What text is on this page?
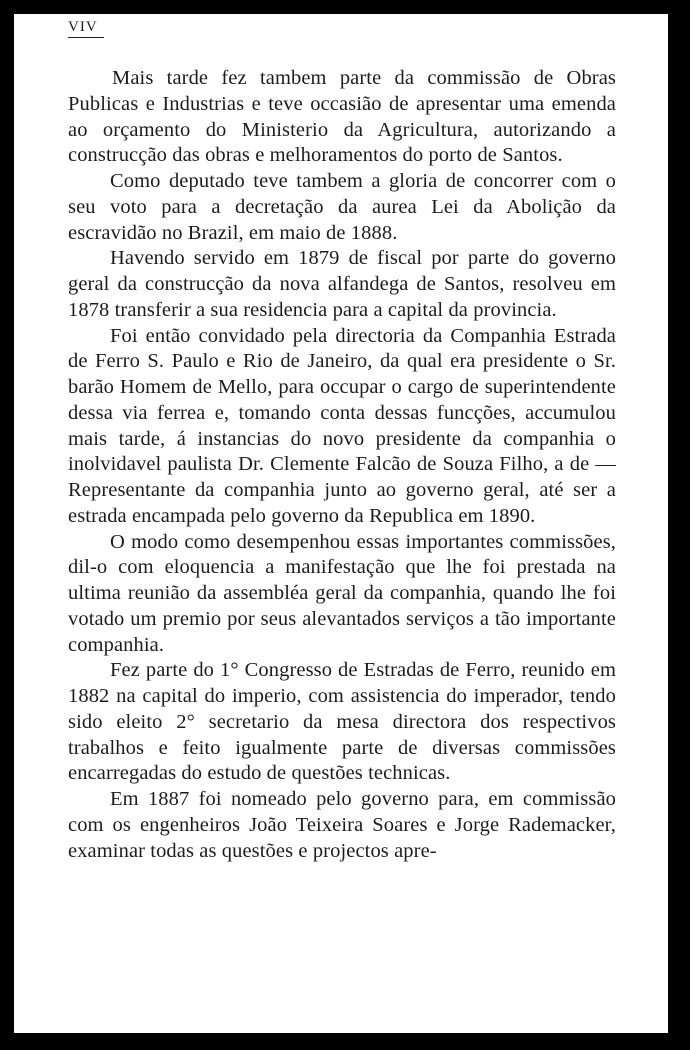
VIV

Mais tarde fez tambem parte da commissão de Obras Publicas e Industrias e teve occasião de apresentar uma emenda ao orçamento do Ministerio da Agricultura, autorizando a construcção das obras e melhoramentos do porto de Santos.

Como deputado teve tambem a gloria de concorrer com o seu voto para a decretação da aurea Lei da Abolição da escravidão no Brazil, em maio de 1888.

Havendo servido em 1879 de fiscal por parte do governo geral da construcção da nova alfandega de Santos, resolveu em 1878 transferir a sua residencia para a capital da provincia.

Foi então convidado pela directoria da Companhia Estrada de Ferro S. Paulo e Rio de Janeiro, da qual era presidente o Sr. barão Homem de Mello, para occupar o cargo de superintendente dessa via ferrea e, tomando conta dessas funcções, accumulou mais tarde, á instancias do novo presidente da companhia o inolvidavel paulista Dr. Clemente Falcão de Souza Filho, a de — Representante da companhia junto ao governo geral, até ser a estrada encampada pelo governo da Republica em 1890.

O modo como desempenhou essas importantes commissões, dil-o com eloquencia a manifestação que lhe foi prestada na ultima reunião da assembléa geral da companhia, quando lhe foi votado um premio por seus alevantados serviços a tão importante companhia.

Fez parte do 1° Congresso de Estradas de Ferro, reunido em 1882 na capital do imperio, com assistencia do imperador, tendo sido eleito 2° secretario da mesa directora dos respectivos trabalhos e feito igualmente parte de diversas commissões encarregadas do estudo de questões technicas.

Em 1887 foi nomeado pelo governo para, em commissão com os engenheiros João Teixeira Soares e Jorge Rademacker, examinar todas as questões e projectos apre-
